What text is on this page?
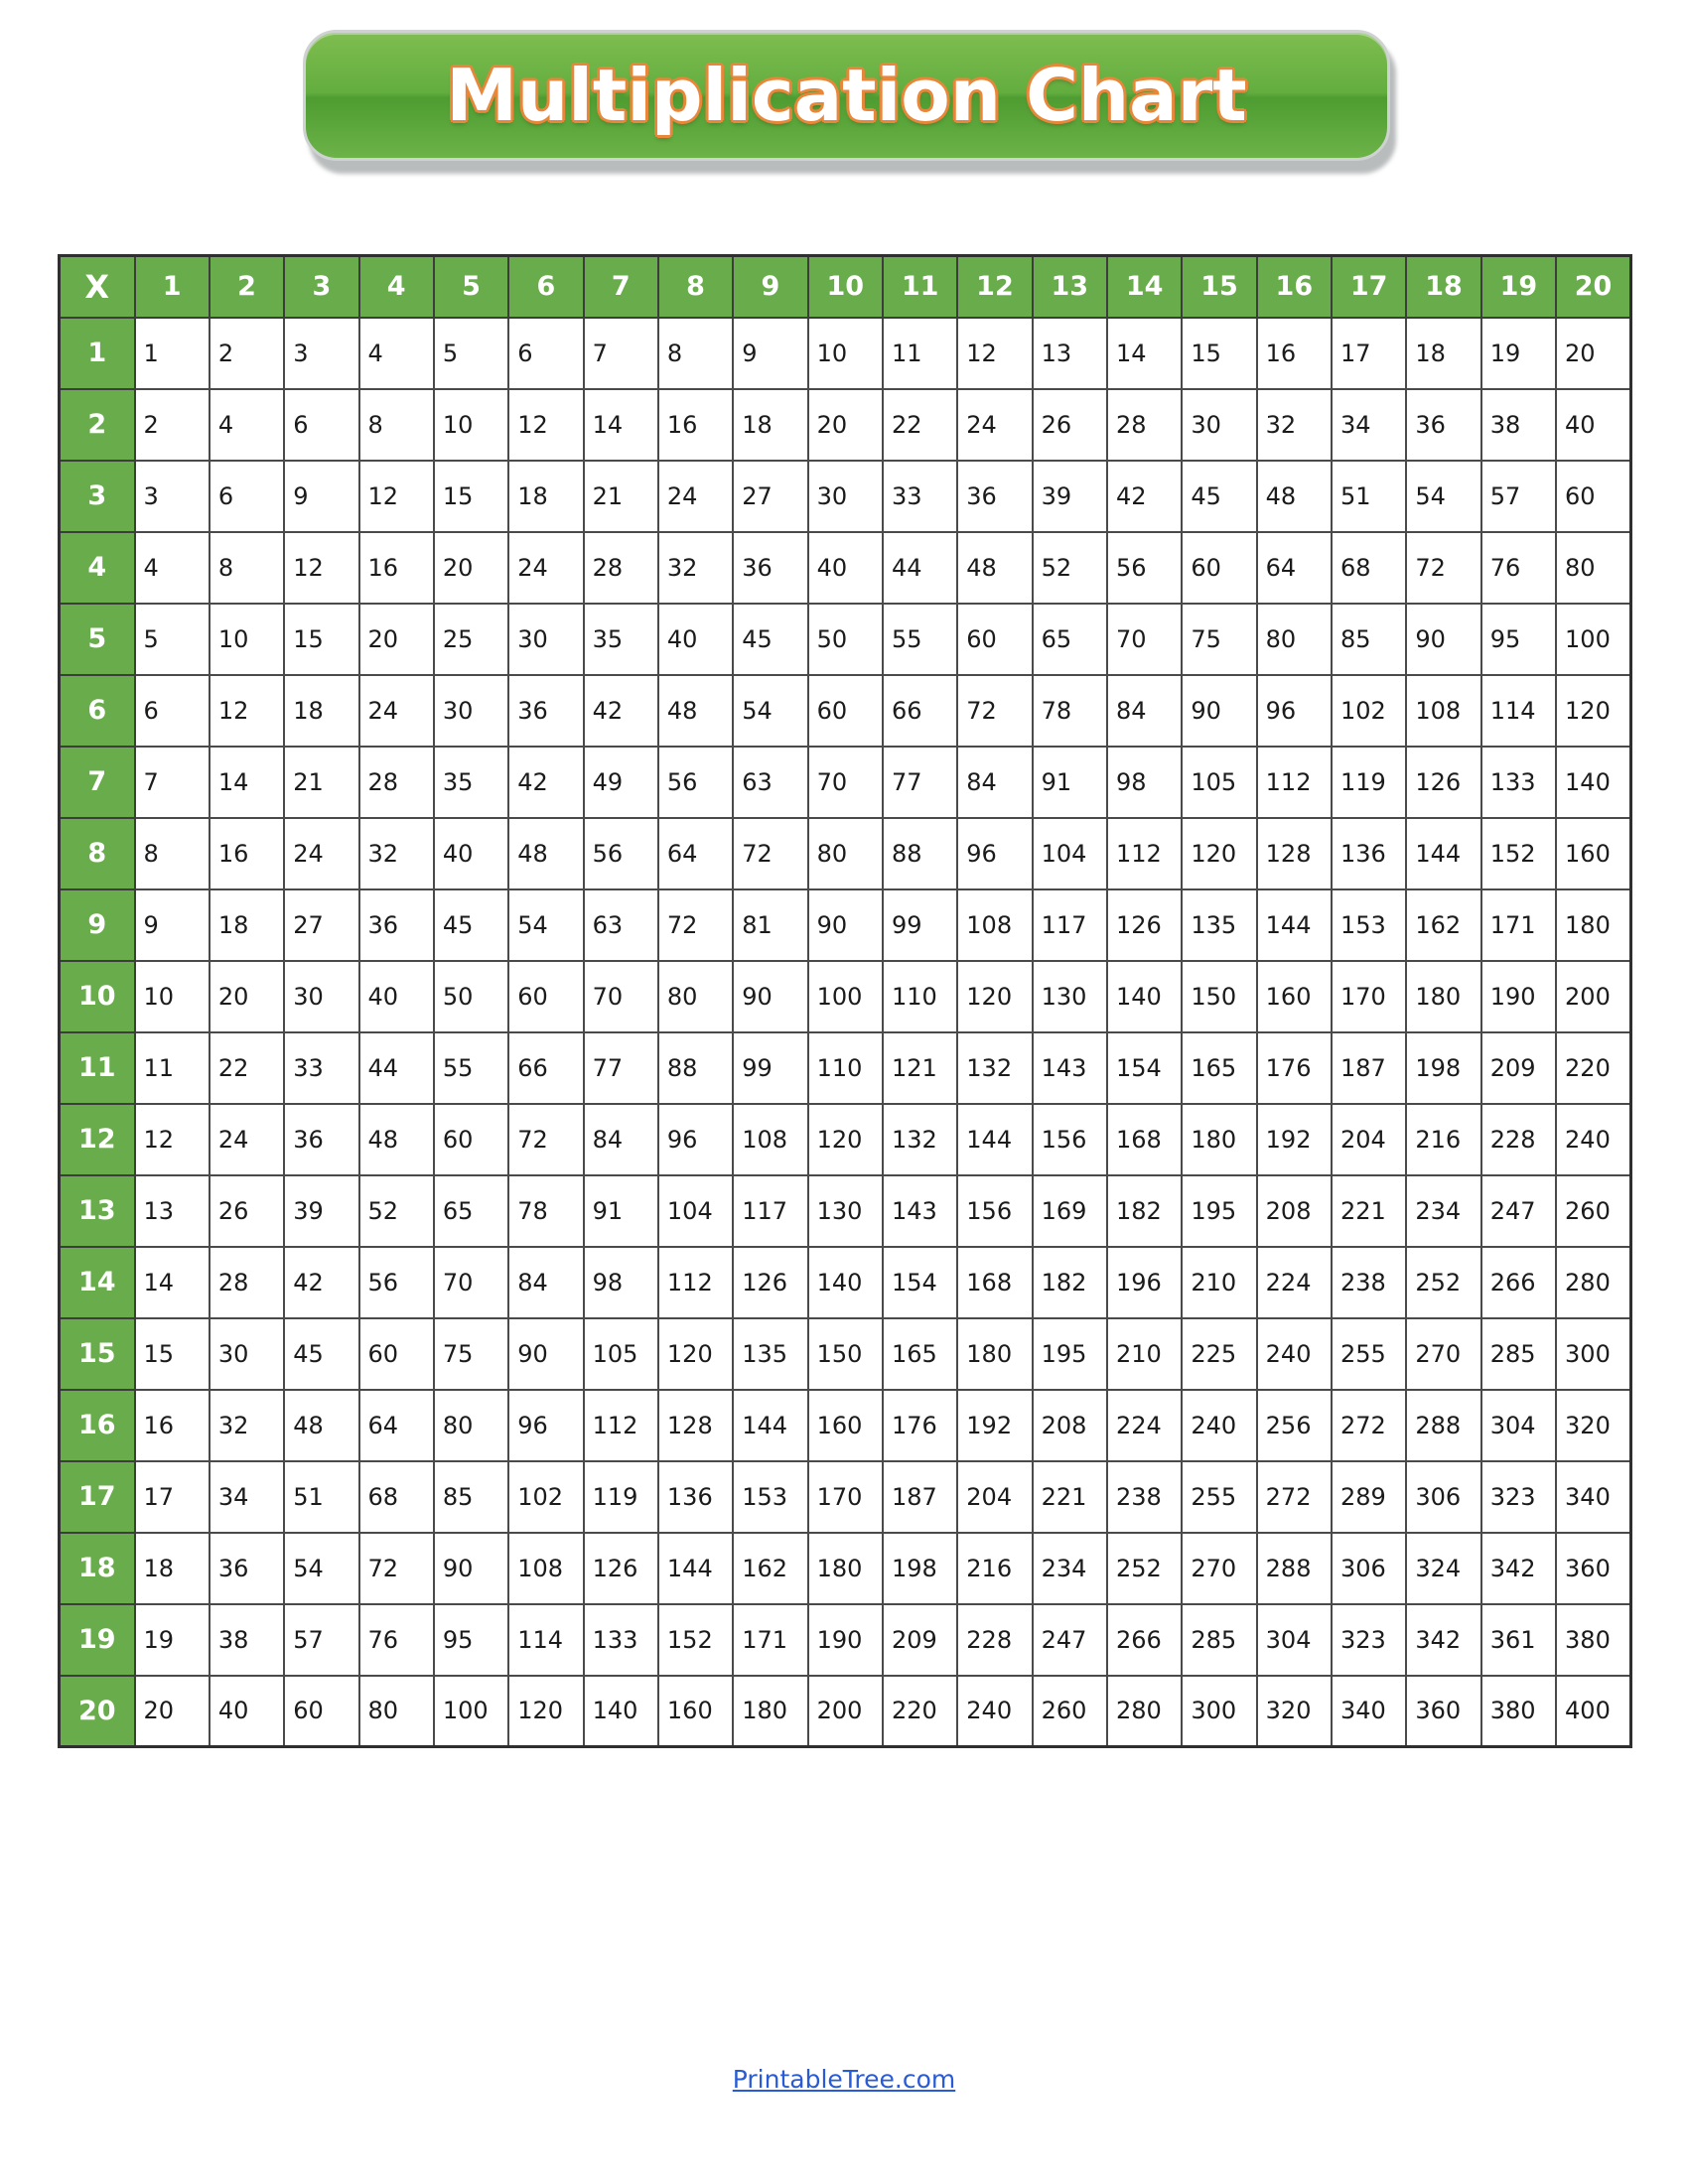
Multiplication Chart
X	1	2	3	4	5	6	7	8	9	10	11	12	13	14	15	16	17	18	19	20
1	1	2	3	4	5	6	7	8	9	10	11	12	13	14	15	16	17	18	19	20
2	2	4	6	8	10	12	14	16	18	20	22	24	26	28	30	32	34	36	38	40
3	3	6	9	12	15	18	21	24	27	30	33	36	39	42	45	48	51	54	57	60
4	4	8	12	16	20	24	28	32	36	40	44	48	52	56	60	64	68	72	76	80
5	5	10	15	20	25	30	35	40	45	50	55	60	65	70	75	80	85	90	95	100
6	6	12	18	24	30	36	42	48	54	60	66	72	78	84	90	96	102	108	114	120
7	7	14	21	28	35	42	49	56	63	70	77	84	91	98	105	112	119	126	133	140
8	8	16	24	32	40	48	56	64	72	80	88	96	104	112	120	128	136	144	152	160
9	9	18	27	36	45	54	63	72	81	90	99	108	117	126	135	144	153	162	171	180
10	10	20	30	40	50	60	70	80	90	100	110	120	130	140	150	160	170	180	190	200
11	11	22	33	44	55	66	77	88	99	110	121	132	143	154	165	176	187	198	209	220
12	12	24	36	48	60	72	84	96	108	120	132	144	156	168	180	192	204	216	228	240
13	13	26	39	52	65	78	91	104	117	130	143	156	169	182	195	208	221	234	247	260
14	14	28	42	56	70	84	98	112	126	140	154	168	182	196	210	224	238	252	266	280
15	15	30	45	60	75	90	105	120	135	150	165	180	195	210	225	240	255	270	285	300
16	16	32	48	64	80	96	112	128	144	160	176	192	208	224	240	256	272	288	304	320
17	17	34	51	68	85	102	119	136	153	170	187	204	221	238	255	272	289	306	323	340
18	18	36	54	72	90	108	126	144	162	180	198	216	234	252	270	288	306	324	342	360
19	19	38	57	76	95	114	133	152	171	190	209	228	247	266	285	304	323	342	361	380
20	20	40	60	80	100	120	140	160	180	200	220	240	260	280	300	320	340	360	380	400
PrintableTree.com
